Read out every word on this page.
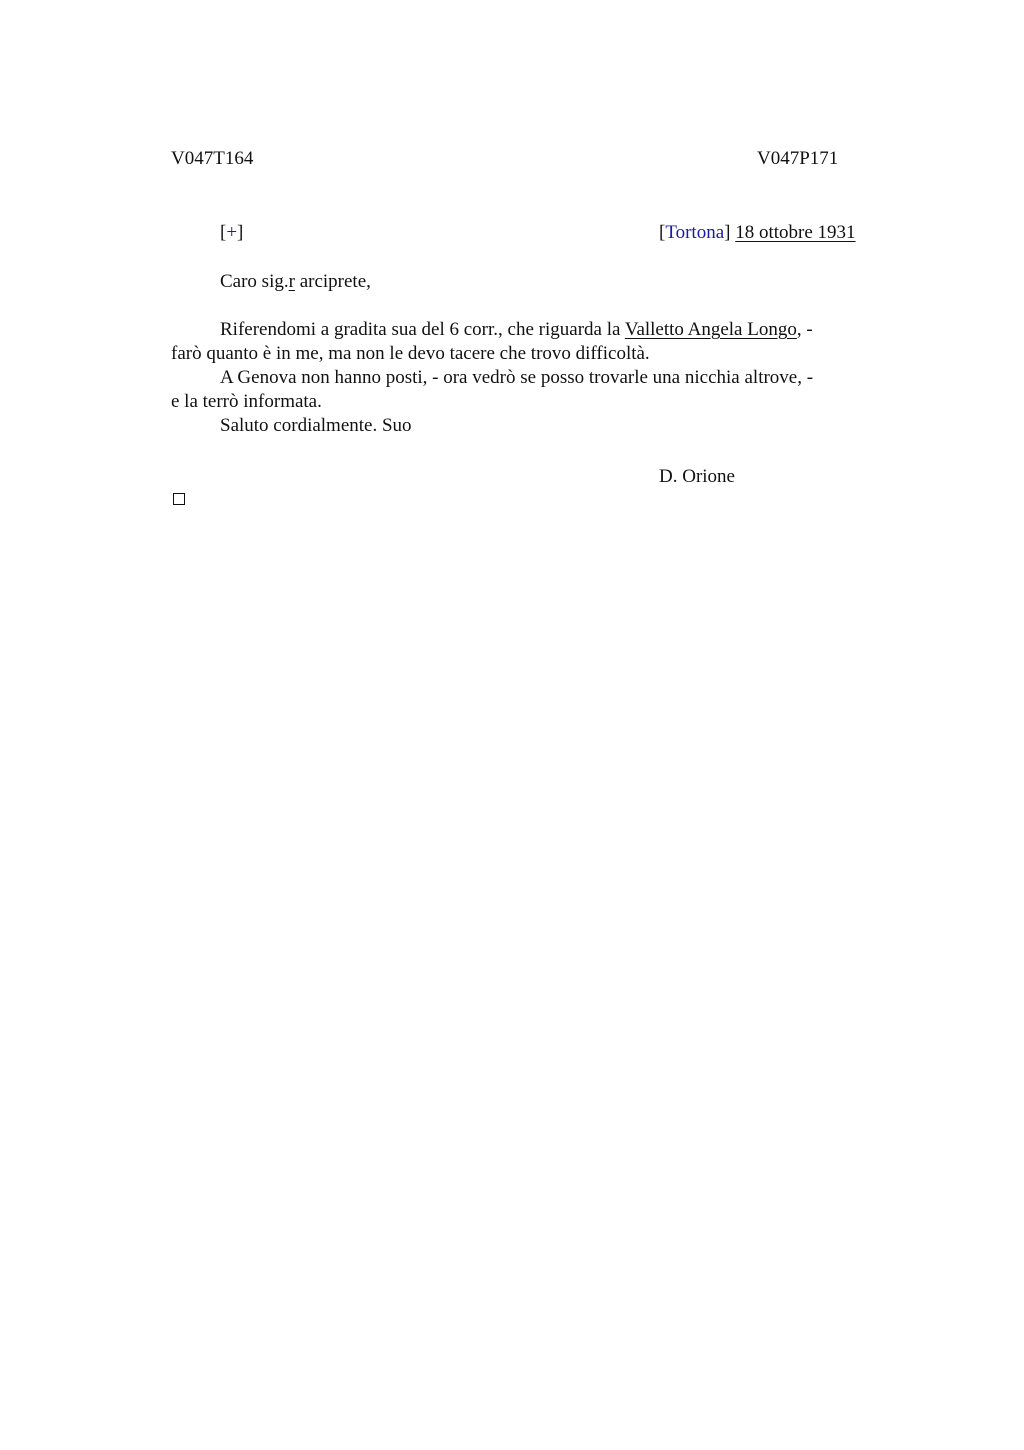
V047T164	V047P171
[+]	[Tortona] 18 ottobre 1931
Caro sig.r arciprete,

Riferendomi a gradita sua del 6 corr., che riguarda la Valletto Angela Longo, -
farò quanto è in me, ma non le devo tacere che trovo difficoltà.

A Genova non hanno posti, - ora vedrò se posso trovarle una nicchia altrove, -
e la terrò informata.

Saluto cordialmente. Suo

D. Orione
